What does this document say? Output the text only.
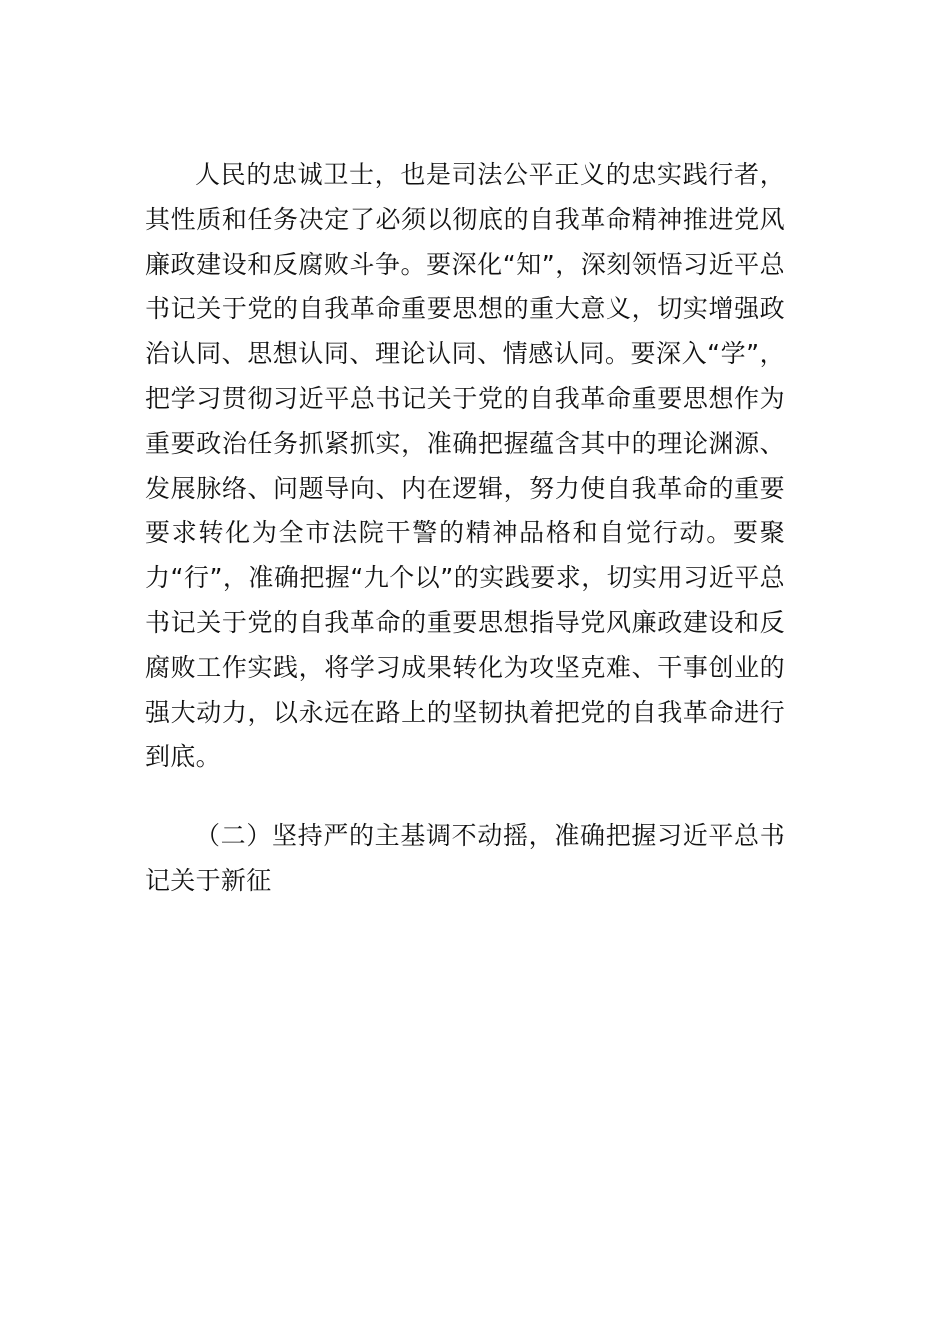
人民的忠诚卫士，也是司法公平正义的忠实践行者，其性质和任务决定了必须以彻底的自我革命精神推进党风廉政建设和反腐败斗争。要深化“知”，深刻领悟习近平总书记关于党的自我革命重要思想的重大意义，切实增强政治认同、思想认同、理论认同、情感认同。要深入“学”，把学习贯彻习近平总书记关于党的自我革命重要思想作为重要政治任务抓紧抓实，准确把握蕴含其中的理论渊源、发展脉络、问题导向、内在逻辑，努力使自我革命的重要要求转化为全市法院干警的精神品格和自觉行动。要聚力“行”，准确把握“九个以”的实践要求，切实用习近平总书记关于党的自我革命的重要思想指导党风廉政建设和反腐败工作实践，将学习成果转化为攻坚克难、干事创业的强大动力，以永远在路上的坚韧执着把党的自我革命进行到底。

（二）坚持严的主基调不动摇，准确把握习近平总书记关于新征
